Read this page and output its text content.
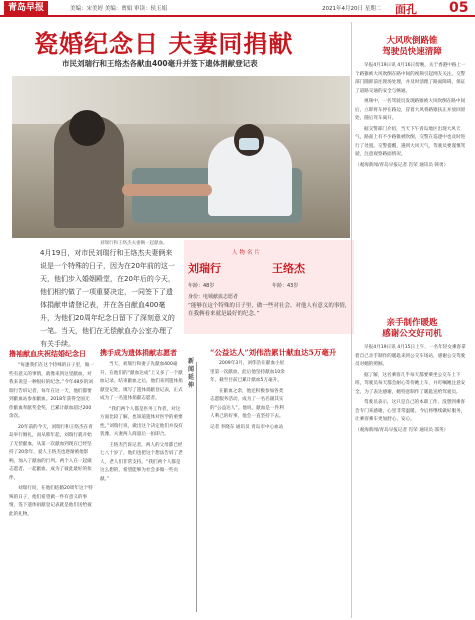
青岛早报	美编：宋美婷 美编：贾娟 审读：侯玉娟	2021年4月20日 星期二 面孔 05
瓷婚纪念日 夫妻同捐献
市民刘瑞行和王络杰各献血400毫升并签下遗体捐献登记表
刘瑞行和王络杰夫妻俩一起献血。
4月19日，对市民刘瑞行和王络杰夫妻俩来说是一个特殊的日子，因为在20年前的这一天，他们步入婚姻殿堂，在20年后的今天，他们相约做了一项重要决定，一同签下了遗体捐献申请登记表，并在各自献血400毫升，为他们20周年纪念日留下了深刻意义的一笔。当天，他们在无偿献血办公室办理了有关手续。
人物名片
刘瑞行	王络杰
年龄：48岁	年龄：43岁
身份：电城献血志愿者
“能够在这个特殊的日子里，做一些对社会、对他人有意义的事情，在我俩看来就是最好的纪念。”
撸袖献血庆祝结婚纪念日

“每逢我们在这个特殊的日子里，做一些有意义的事情，就像来到这里献血，对我来说是一种很好的纪念。”今年48岁的刘瑞行告诉记者，每年在这一天，他们都要到献血站参加献血。2018年获得全国无偿献血奉献奖金奖，已累计献血超过200余次。

20年前的今天，刘瑞行和王络杰在青岛举行婚礼，而从那年起，刘瑞行就开始了无偿献血，从第一次献血到现在已经坚持了20余年，爱人王络杰也逐渐被他影响，加入了献血的行列。两个人在一起做志愿者、一起献血，成为了彼此最好的伙伴。

刘瑞行说，在他们结婚20周年这个特殊的日子，他们希望做一件有意义的事情，签下遗体捐献登记表就是他们送给彼此的礼物。

携手成为遗体捐献志愿者

当天，刘瑞行和妻子先献血400毫升，在他们的“献血达成”上又多了一个献血记录。结束献血之后，他们来到遗体捐献登记处，填写了遗体捐献登记表，正式成为了一名遗体捐献志愿者。

“我们两个人都是医务工作者，对这方面比较了解，也知道遗体对医学的重要性。”刘瑞行说，做出这个决定他们并没有犹豫，夫妻两人商量后一拍即合。

王络杰告诉记者，两人的父母都已经七八十岁了，他们也把这个想法告诉了老人，老人们非常支持。“我们两个人都是这么想的，希望能够为社会多做一些贡献。”

新闻延伸
“公益达人”刘伟浩累计献血达5万毫升

2009年3月，刘伟浩在献血小屋里第一次献血，此后他坚持献血10余年，截至目前已累计献血5万毫升。

在献血之余，他还积极参加各类志愿服务活动，成为了一名名副其实的“公益达人”。他说，献血是一件利人利己的好事，他会一直坚持下去。

记者 李晓东 通讯员 青岛市中心血站

大风吹倒路锥
驾驶员快速清障

早报4月19日讯 4月16日傍晚，关于香港中路上一个路锥被大风吹倒在路中间的视频引起网友关注。交警部门随即前往现场处理，并及时清理了路面障碍，保证了道路交通的安全与畅通。

视频中，一名驾驶员发现路锥被大风吹倒在路中间后，立即将车停在路边，冒着大风将路锥扶正并放回原处，随后驾车离开。

据交警部门介绍，当天下午青岛地区出现大风天气，路面上有不少路锥被吹倒，交警在巡逻中也及时进行了处置。交警提醒，遇到大风天气，驾驶员要谨慎驾驶，注意观察路面情况。

（观海新闻/青岛早报记者 肖荣 通讯员 韩勇）

亲手制作暖匙
感谢公交好司机

早报4月19日讯 4月15日上午，一名年轻女乘客拿着自己亲手制作的暖匙来到公交车场站，感谢公交驾驶员对她的照顾。

据了解，这名乘客几乎每天都要乘坐公交车上下班，驾驶员每天都会耐心等待她上车，并叮嘱她注意安全。为了表达感谢，她特意制作了暖匙送给驾驶员。

驾驶员表示，这只是自己的本职工作，没想到乘客会专门来感谢，心里非常温暖。今后将继续做好服务，让乘客乘车更加舒心、安心。

（观海新闻/青岛早报记者 肖荣 通讯员 邵英）
